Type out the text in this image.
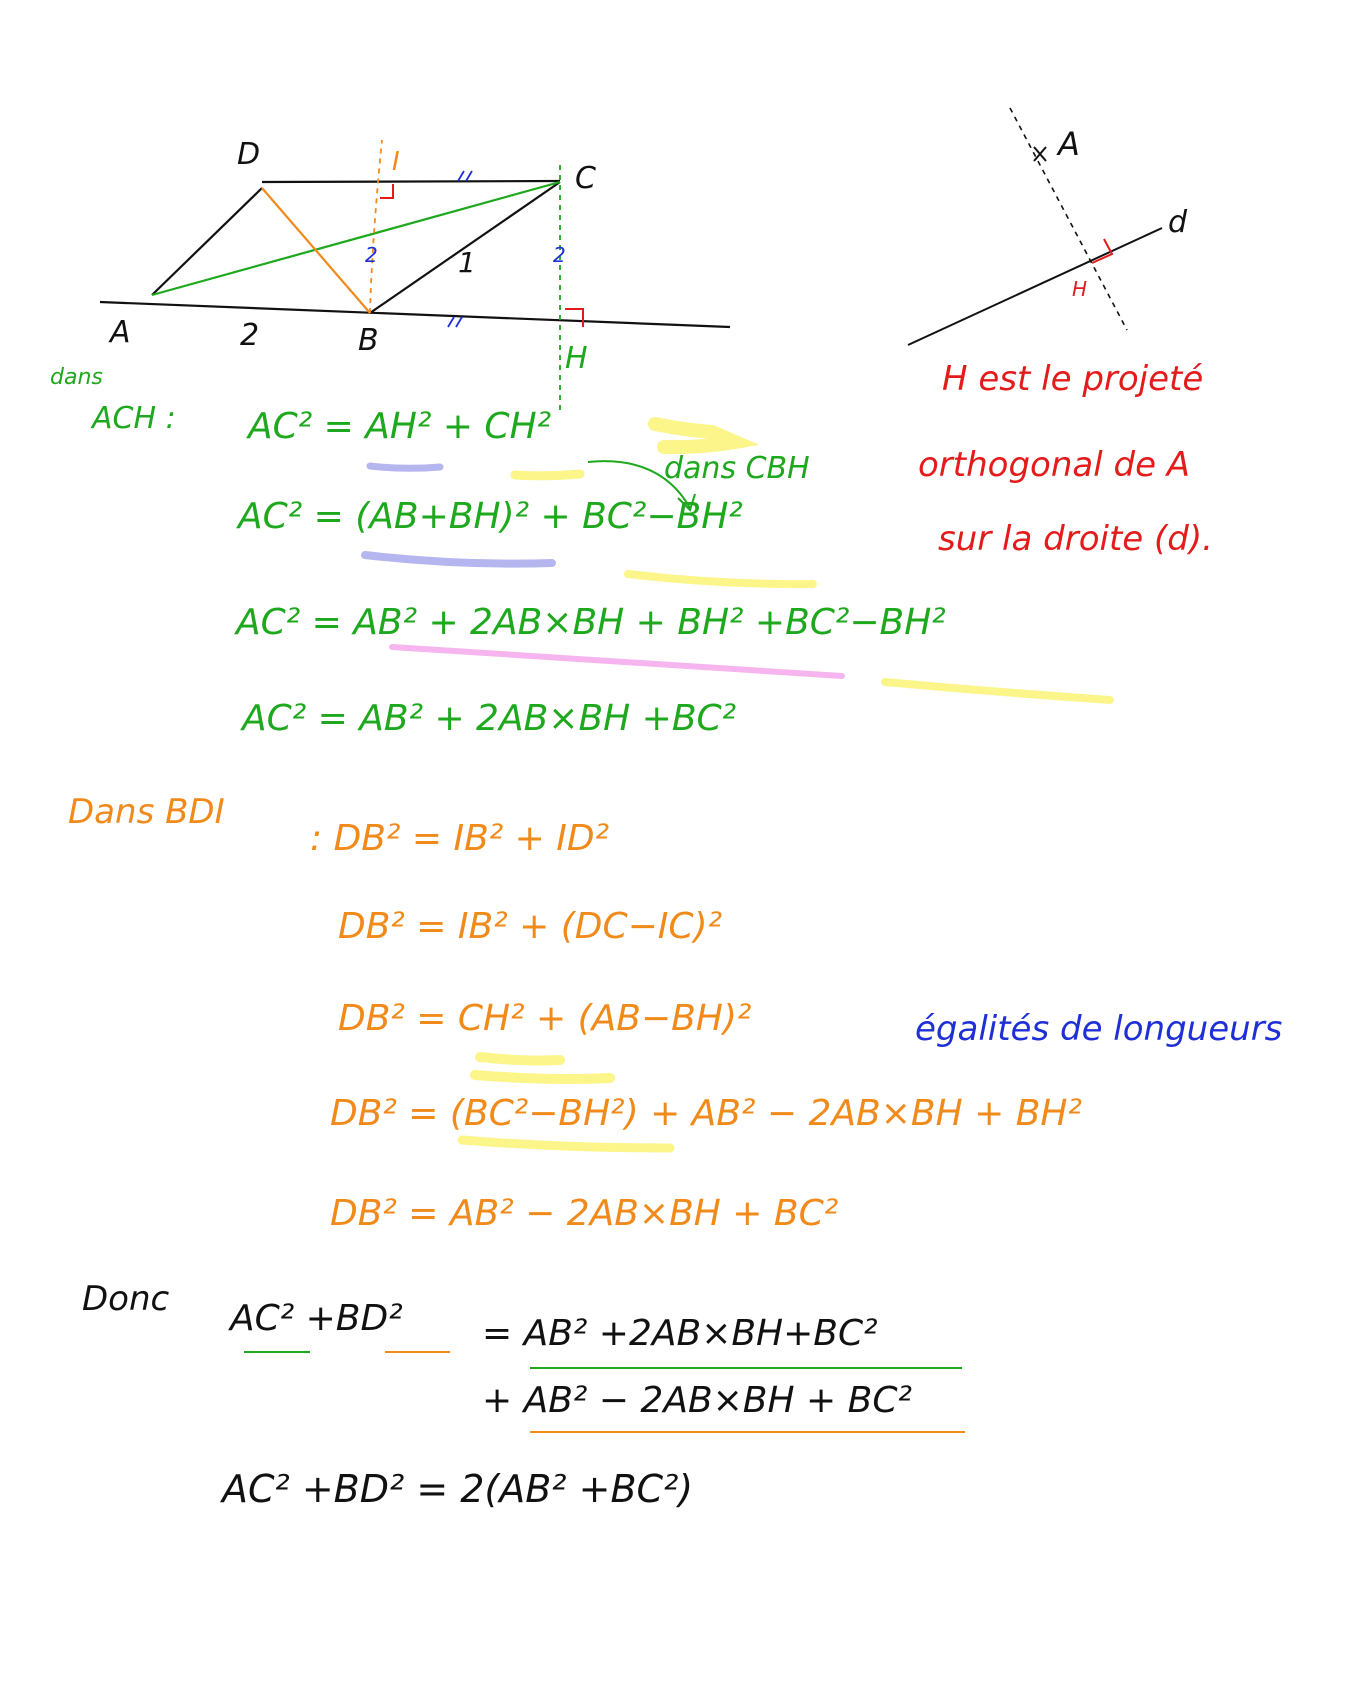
D
C
A	B
H
I
2
1
2	2
A
d
H
H est le projeté
orthogonal de A
sur la droite (d).
dans
ACH : AC² = AH² + CH²
dans CBH
AC² = (AB+BH)² + BC²−BH²
AC² = AB² + 2AB×BH + BH² +BC²−BH²
AC² = AB² + 2AB×BH +BC²
Dans BDI
: DB² = IB² + ID²
DB² = IB² + (DC−IC)²
DB² = CH² + (AB−BH)²	égalités de longueurs
DB² = (BC²−BH²) + AB² − 2AB×BH + BH²
DB² = AB² − 2AB×BH + BC²
Donc AC² +BD² = AB² +2AB×BH+BC²
+ AB² − 2AB×BH + BC²
AC² +BD² = 2(AB² +BC²)
